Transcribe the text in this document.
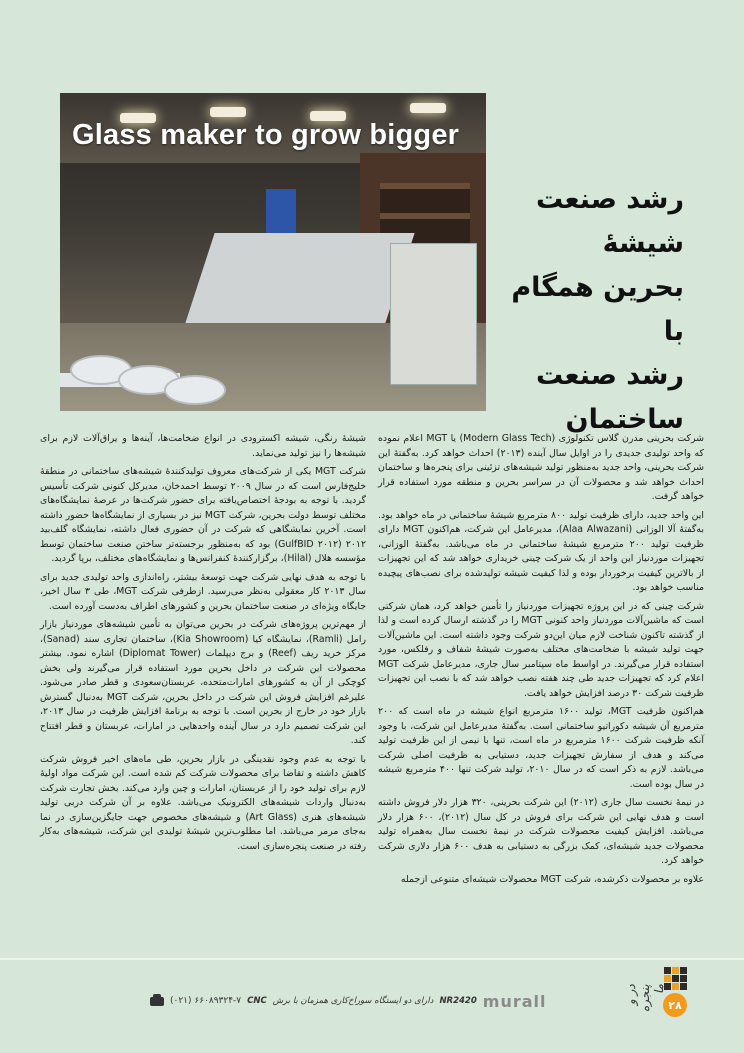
Glass maker to grow bigger
رشد صنعت شیشهٔ
بحرین همگام با
رشد صنعت
ساختمان

شرکت بحرینی مدرن گلاس تکنولوژی (Modern Glass Tech) یا MGT اعلام نموده که واحد تولیدی جدیدی را در اوایل سال آینده (۲۰۱۳) احداث خواهد کرد. به‌گفتهٔ این شرکت بحرینی، واحد جدید به‌منظور تولید شیشه‌های تزئینی برای پنجره‌ها و ساختمان احداث خواهد شد و محصولات آن در سراسر بحرین و منطقه مورد استفاده قرار خواهد گرفت.

این واحد جدید، دارای ظرفیت تولید ۸۰۰ مترمربع شیشهٔ ساختمانی در ماه خواهد بود. به‌گفتهٔ آلا الوزانی (Alaa Alwazani)، مدیرعامل این شرکت، هم‌اکنون MGT دارای ظرفیت تولید ۲۰۰ مترمربع شیشهٔ ساختمانی در ماه می‌باشد. به‌گفتهٔ الوزانی، تجهیزات موردنیاز این واحد از یک شرکت چینی خریداری خواهد شد که این تجهیزات از بالاترین کیفیت برخوردار بوده و لذا کیفیت شیشه تولیدشده برای نصب‌های پیچیده مناسب خواهد بود.

شرکت چینی که در این پروژه تجهیزات موردنیاز را تأمین خواهد کرد، همان شرکتی است که ماشین‌آلات موردنیاز واحد کنونی MGT را در گذشته ارسال کرده است و لذا از گذشته تاکنون شناخت لازم میان این‌دو شرکت وجود داشته است. این ماشین‌آلات جهت تولید شیشه با ضخامت‌های مختلف به‌صورت شیشهٔ شفاف و رفلکس، مورد استفاده قرار می‌گیرند. در اواسط ماه سپتامبر سال جاری، مدیرعامل شرکت MGT اعلام کرد که تجهیزات جدید طی چند هفته نصب خواهد شد که با نصب این تجهیزات ظرفیت شرکت ۳۰ درصد افزایش خواهد یافت.

هم‌اکنون ظرفیت MGT، تولید ۱۶۰۰ مترمربع انواع شیشه در ماه است که ۲۰۰ مترمربع آن شیشه دکوراتیو ساختمانی است. به‌گفتهٔ مدیرعامل این شرکت، با وجود آنکه ظرفیت شرکت ۱۶۰۰ مترمربع در ماه است، تنها با نیمی از این ظرفیت تولید می‌کند و هدف از سفارش تجهیزات جدید، دستیابی به ظرفیت اصلی شرکت می‌باشد. لازم به ذکر است که در سال ۲۰۱۰، تولید شرکت تنها ۴۰۰ مترمربع شیشه در سال بوده است.

در نیمهٔ نخست سال جاری (۲۰۱۲) این شرکت بحرینی، ۳۲۰ هزار دلار فروش داشته است و هدف نهایی این شرکت برای فروش در کل سال (۲۰۱۲)، ۶۰۰ هزار دلار می‌باشد. افزایش کیفیت محصولات شرکت در نیمهٔ نخست سال به‌همراه تولید محصولات جدید شیشه‌ای، کمک بزرگی به دستیابی به هدف ۶۰۰ هزار دلاری شرکت خواهد کرد.

علاوه بر محصولات ذکرشده، شرکت MGT محصولات شیشه‌ای متنوعی ازجمله

شیشهٔ رنگی، شیشه اکسترودی در انواع ضخامت‌ها، آینه‌ها و یراق‌آلات لازم برای شیشه‌ها را نیز تولید می‌نماید.

شرکت MGT یکی از شرکت‌های معروف تولیدکنندهٔ شیشه‌های ساختمانی در منطقهٔ خلیج‌فارس است که در سال ۲۰۰۹ توسط احمدخان، مدیرکل کنونی شرکت تأسیس گردید. با توجه به بودجهٔ اختصاص‌یافته برای حضور شرکت‌ها در عرصهٔ نمایشگاه‌های مختلف توسط دولت بحرین، شرکت MGT نیز در بسیاری از نمایشگاه‌ها حضور داشته است. آخرین نمایشگاهی که شرکت در آن حضوری فعال داشته، نمایشگاه گلف‌بید ۲۰۱۲ (GulfBID ۲۰۱۲) بود که به‌منظور برجسته‌تر ساختن صنعت ساختمان توسط مؤسسه هلال (Hilal)، برگزارکنندهٔ کنفرانس‌ها و نمایشگاه‌های مختلف، برپا گردید.

با توجه به هدف نهایی شرکت جهت توسعهٔ بیشتر، راه‌اندازی واحد تولیدی جدید برای سال ۲۰۱۳ کار معقولی به‌نظر می‌رسید. ازطرفی شرکت MGT، طی ۳ سال اخیر، جایگاه ویژه‌ای در صنعت ساختمان بحرین و کشورهای اطراف به‌دست آورده است.

از مهم‌ترین پروژه‌های شرکت در بحرین می‌توان به تأمین شیشه‌های موردنیاز بازار رامل (Ramli)، نمایشگاه کیا (Kia Showroom)، ساختمان تجاری سند (Sanad)، مرکز خرید ریف (Reef) و برج دیپلمات (Diplomat Tower) اشاره نمود. بیشتر محصولات این شرکت در داخل بحرین مورد استفاده قرار می‌گیرند ولی بخش کوچکی از آن به کشورهای امارات‌متحده، عربستان‌سعودی و قطر صادر می‌شود. علیرغم افزایش فروش این شرکت در داخل بحرین، شرکت MGT به‌دنبال گسترش بازار خود در خارج از بحرین است. با توجه به برنامهٔ افزایش ظرفیت در سال ۲۰۱۳، این شرکت تصمیم دارد در سال آینده واحدهایی در امارات، عربستان و قطر افتتاح کند.

با توجه به عدم وجود نقدینگی در بازار بحرین، طی ماه‌های اخیر فروش شرکت کاهش داشته و تقاضا برای محصولات شرکت کم شده است. این شرکت مواد اولیهٔ لازم برای تولید خود را از عربستان، امارات و چین وارد می‌کند. بخش تجارت شرکت به‌دنبال واردات شیشه‌های الکترونیک می‌باشد. علاوه بر آن شرکت دربی تولید شیشه‌های هنری (Art Glass) و شیشه‌های مخصوص جهت جایگزین‌سازی در نما به‌جای مرمر می‌باشد. اما مطلوب‌ترین شیشهٔ تولیدی این شرکت، شیشه‌های به‌کار رفته در صنعت پنجره‌سازی است.

۲۸
در و پنجره ما
(۰۲۱) ۶۶۰۸۹۳۲۴-۷ CNC دارای دو ایستگاه سوراخ‌کاری همزمان با برش NR2420 murall
